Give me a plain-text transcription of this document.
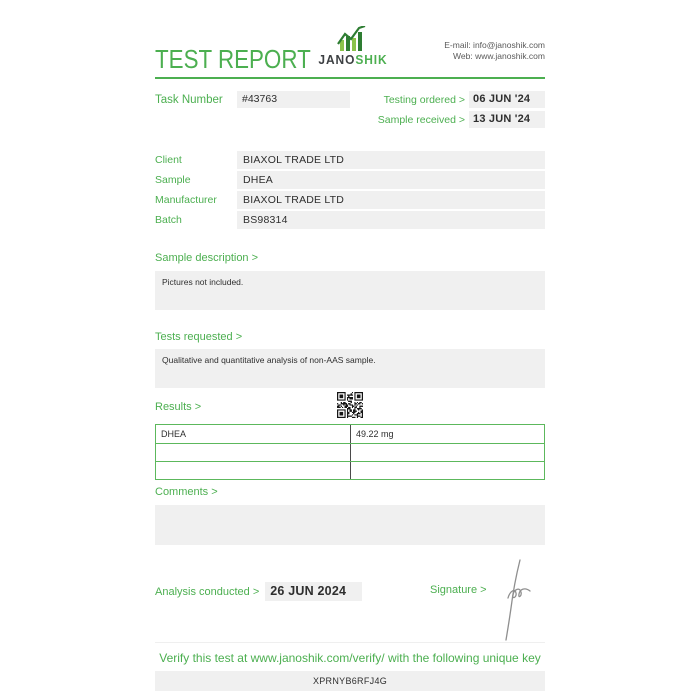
TEST REPORT JANOSHIK
E-mail: info@janoshik.com
Web: www.janoshik.com
Task Number	#43763	Testing ordered > 06 JUN '24
Sample received > 13 JUN '24
Client	BIAXOL TRADE LTD
Sample	DHEA
Manufacturer	BIAXOL TRADE LTD
Batch	BS98314
Sample description >
Pictures not included.
Tests requested >
Qualitative and quantitative analysis of non-AAS sample.
Results >
DHEA	49.22 mg
Comments >
Analysis conducted > 26 JUN 2024	Signature >
Verify this test at www.janoshik.com/verify/ with the following unique key
XPRNYB6RFJ4G
